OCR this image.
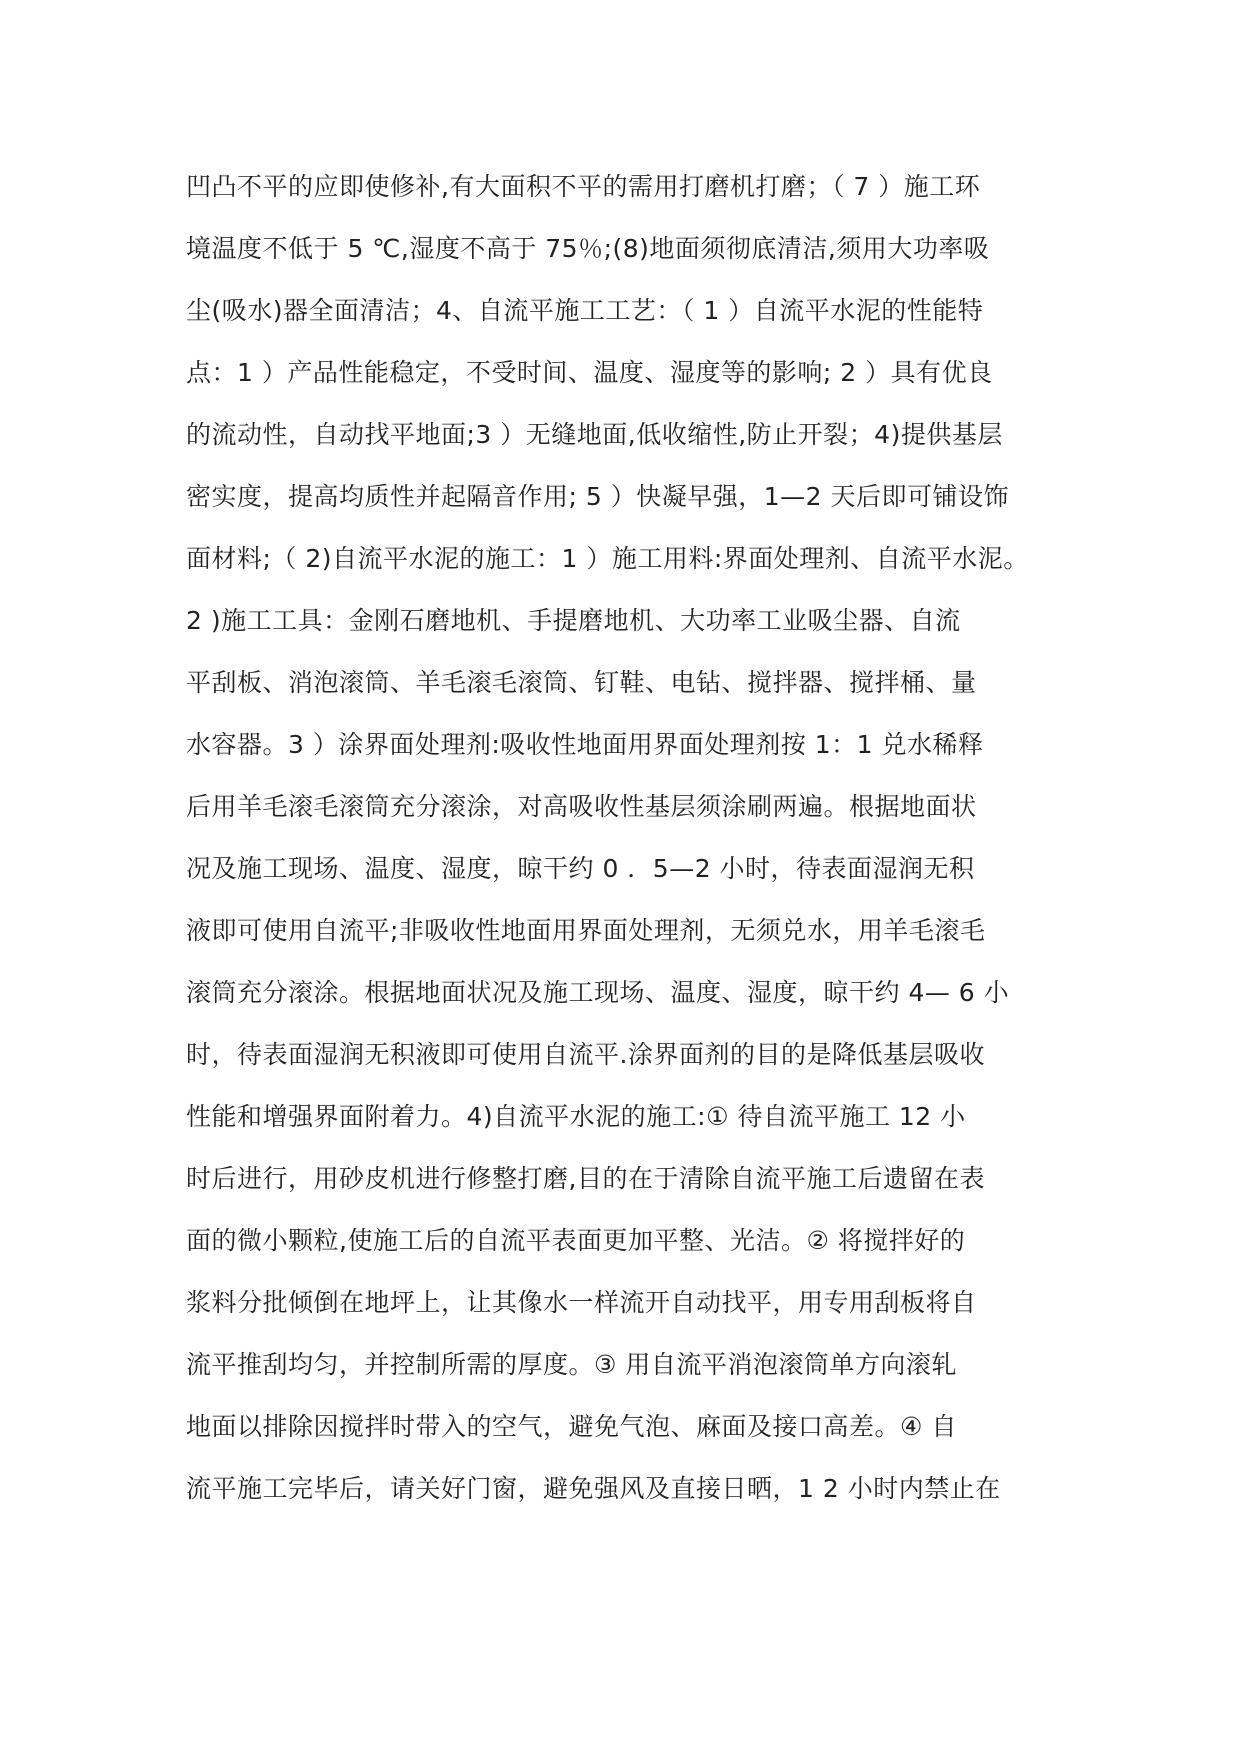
凹凸不平的应即使修补,有大面积不平的需用打磨机打磨；（ 7 ）施工环
境温度不低于 5 ℃,湿度不高于 75％;(8)地面须彻底清洁,须用大功率吸
尘(吸水)器全面清洁；4、自流平施工工艺：（ 1 ）自流平水泥的性能特
点：1 ）产品性能稳定，不受时间、温度、湿度等的影响; 2 ）具有优良
的流动性，自动找平地面;3 ）无缝地面,低收缩性,防止开裂；4)提供基层
密实度，提高均质性并起隔音作用; 5 ）快凝早强，1—2 天后即可铺设饰
面材料;（ 2)自流平水泥的施工：1 ）施工用料:界面处理剂、自流平水泥。
2 )施工工具：金刚石磨地机、手提磨地机、大功率工业吸尘器、自流
平刮板、消泡滚筒、羊毛滚毛滚筒、钉鞋、电钻、搅拌器、搅拌桶、量
水容器。3 ）涂界面处理剂:吸收性地面用界面处理剂按 1：1 兑水稀释
后用羊毛滚毛滚筒充分滚涂，对高吸收性基层须涂刷两遍。根据地面状
况及施工现场、温度、湿度，晾干约 0 ．5—2 小时，待表面湿润无积
液即可使用自流平;非吸收性地面用界面处理剂，无须兑水，用羊毛滚毛
滚筒充分滚涂。根据地面状况及施工现场、温度、湿度，晾干约 4— 6 小
时，待表面湿润无积液即可使用自流平.涂界面剂的目的是降低基层吸收
性能和增强界面附着力。4)自流平水泥的施工:① 待自流平施工 12 小
时后进行，用砂皮机进行修整打磨,目的在于清除自流平施工后遗留在表
面的微小颗粒,使施工后的自流平表面更加平整、光洁。② 将搅拌好的
浆料分批倾倒在地坪上，让其像水一样流开自动找平，用专用刮板将自
流平推刮均匀，并控制所需的厚度。③ 用自流平消泡滚筒单方向滚轧
地面以排除因搅拌时带入的空气，避免气泡、麻面及接口高差。④ 自
流平施工完毕后，请关好门窗，避免强风及直接日晒，1 2 小时内禁止在
